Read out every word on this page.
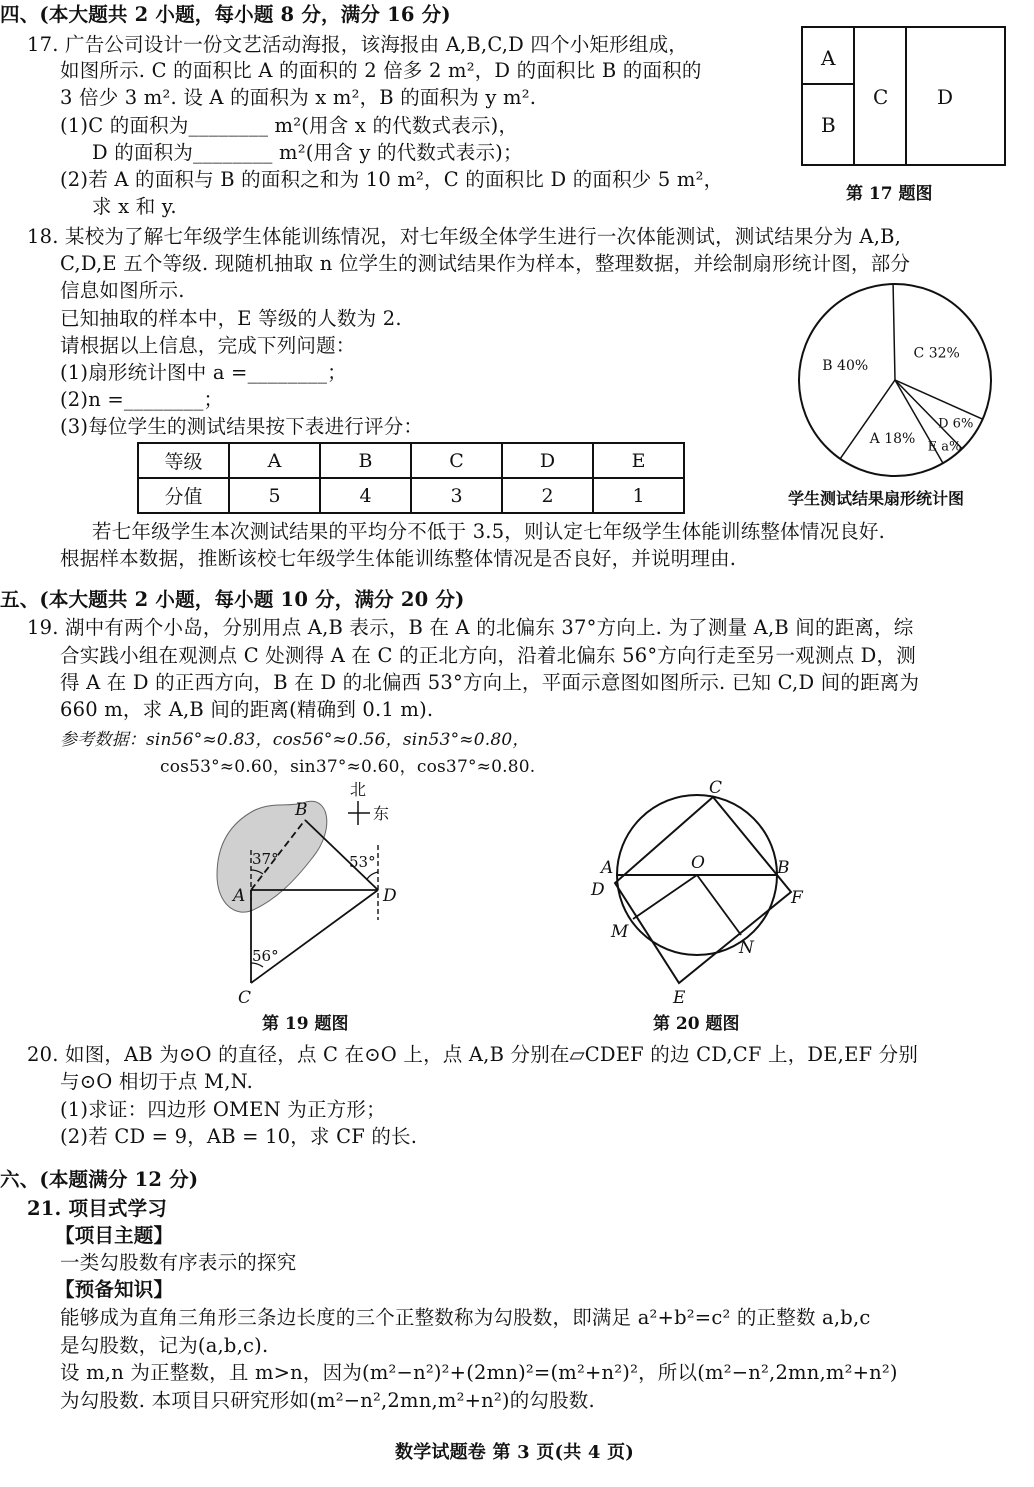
四、(本大题共 2 小题，每小题 8 分，满分 16 分)
17. 广告公司设计一份文艺活动海报，该海报由 A,B,C,D 四个小矩形组成，
如图所示. C 的面积比 A 的面积的 2 倍多 2 m²，D 的面积比 B 的面积的
3 倍少 3 m². 设 A 的面积为 x m²，B 的面积为 y m².
(1)C 的面积为________ m²(用含 x 的代数式表示)，
D 的面积为________ m²(用含 y 的代数式表示)；
(2)若 A 的面积与 B 的面积之和为 10 m²，C 的面积比 D 的面积少 5 m²，
求 x 和 y.
A
B
C D
第 17 题图
18. 某校为了解七年级学生体能训练情况，对七年级全体学生进行一次体能测试，测试结果分为 A,B,
C,D,E 五个等级. 现随机抽取 n 位学生的测试结果作为样本，整理数据，并绘制扇形统计图，部分
信息如图所示.
已知抽取的样本中，E 等级的人数为 2.
请根据以上信息，完成下列问题：
(1)扇形统计图中 a =________；
(2)n =________；
(3)每位学生的测试结果按下表进行评分：
等级	A	B	C	D	E
分值	5	4	3	2	1
若七年级学生本次测试结果的平均分不低于 3.5，则认定七年级学生体能训练整体情况良好.
根据样本数据，推断该校七年级学生体能训练整体情况是否良好，并说明理由.
C 32%
D 6%
E a%
A 18%
B 40%
学生测试结果扇形统计图
五、(本大题共 2 小题，每小题 10 分，满分 20 分)
19. 湖中有两个小岛，分别用点 A,B 表示，B 在 A 的北偏东 37°方向上. 为了测量 A,B 间的距离，综
合实践小组在观测点 C 处测得 A 在 C 的正北方向，沿着北偏东 56°方向行走至另一观测点 D，测
得 A 在 D 的正西方向，B 在 D 的北偏西 53°方向上，平面示意图如图所示. 已知 C,D 间的距离为
660 m，求 A,B 间的距离(精确到 0.1 m).
参考数据：sin56°≈0.83，cos56°≈0.56，sin53°≈0.80，
cos53°≈0.60，sin37°≈0.60，cos37°≈0.80.
北
东
37°	53°
56°
B
A	D
C
第 19 题图
C
A	O	B
D	F
M
N
E
第 20 题图
20. 如图，AB 为⊙O 的直径，点 C 在⊙O 上，点 A,B 分别在▱CDEF 的边 CD,CF 上，DE,EF 分别
与⊙O 相切于点 M,N.
(1)求证：四边形 OMEN 为正方形；
(2)若 CD = 9，AB = 10，求 CF 的长.
六、(本题满分 12 分)
21. 项目式学习
【项目主题】
一类勾股数有序表示的探究
【预备知识】
能够成为直角三角形三条边长度的三个正整数称为勾股数，即满足 a²+b²=c² 的正整数 a,b,c
是勾股数，记为(a,b,c).
设 m,n 为正整数，且 m>n，因为(m²−n²)²+(2mn)²=(m²+n²)²，所以(m²−n²,2mn,m²+n²)
为勾股数. 本项目只研究形如(m²−n²,2mn,m²+n²)的勾股数.
数学试题卷 第 3 页(共 4 页)
